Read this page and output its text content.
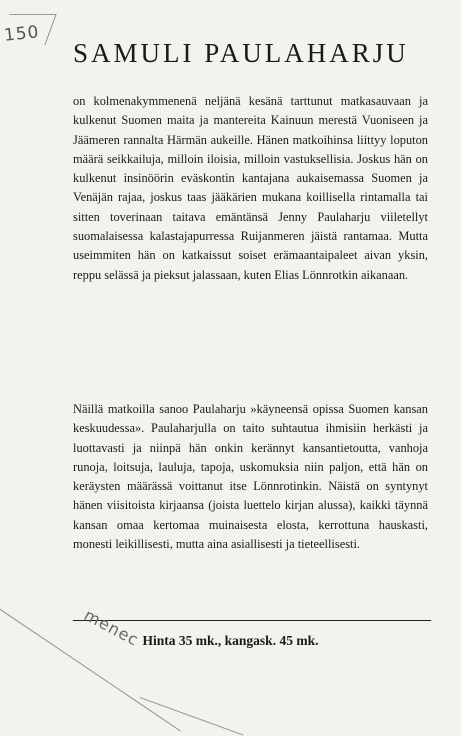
150
SAMULI PAULAHARJU

on kolmenakymmenenä neljänä kesänä tarttunut matkasauvaan ja kulkenut Suomen maita ja mantereita Kainuun merestä Vuoniseen ja Jäämeren rannalta Härmän aukeille. Hänen matkoihinsa liittyy loputon määrä seikkailuja, milloin iloisia, milloin vastuksellisia. Joskus hän on kulkenut insinöörin eväskontin kantajana aukaisemassa Suomen ja Venäjän rajaa, joskus taas jääkärien mukana koillisella rintamalla tai sitten toverinaan taitava emäntänsä Jenny Paulaharju viiletellyt suomalaisessa kalastajapurressa Ruijanmeren jäistä rantamaa. Mutta useimmiten hän on katkaissut soiset erämaantaipaleet aivan yksin, reppu selässä ja pieksut jalassaan, kuten Elias Lönnrotkin aikanaan.

Näillä matkoilla sanoo Paulaharju »käyneensä opissa Suomen kansan keskuudessa». Paulaharjulla on taito suhtautua ihmisiin herkästi ja luottavasti ja niinpä hän onkin kerännyt kansantietoutta, vanhoja runoja, loitsuja, lauluja, tapoja, uskomuksia niin paljon, että hän on keräysten määrässä voittanut itse Lönnrotinkin. Näistä on syntynyt hänen viisitoista kirjaansa (joista luettelo kirjan alussa), kaikki täynnä kansan omaa kertomaa muinaisesta elosta, kerrottuna hauskasti, monesti leikillisesti, mutta aina asiallisesti ja tieteellisesti.

Hinta 35 mk., kangask. 45 mk.
menec
